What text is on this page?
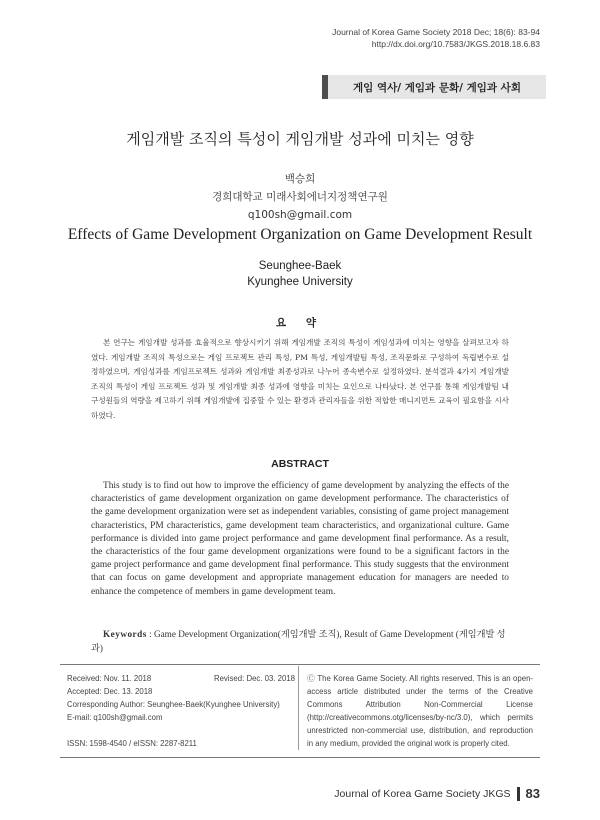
Journal of Korea Game Society 2018 Dec; 18(6): 83-94
http://dx.doi.org/10.7583/JKGS.2018.18.6.83
게임 역사/ 게임과 문화/ 게임과 사회
게임개발 조직의 특성이 게임개발 성과에 미치는 영향
백승희
경희대학교 미래사회에너지정책연구원
q100sh@gmail.com
Effects of Game Development Organization on Game Development Result
Seunghee-Baek
Kyunghee University
요 약
본 연구는 게임개발 성과를 효율적으로 향상시키기 위해 게임개발 조직의 특성이 게임성과에 미치는 영향을 살펴보고자 하였다. 게임개발 조직의 특성으로는 게임 프로젝트 관리 특성, PM 특성, 게임개발팀 특성, 조직문화로 구성하여 독립변수로 설정하였으며, 게임성과를 게임프로젝트 성과와 게임개발 최종성과로 나누어 종속변수로 설정하였다. 분석결과 4가지 게임개발 조직의 특성이 게임 프로젝트 성과 및 게임개발 최종 성과에 영향을 미치는 요인으로 나타났다. 본 연구를 통해 게임개발팀 내 구성원들의 역량을 제고하기 위해 게임개발에 집중할 수 있는 환경과 관리자들을 위한 적합한 매니지먼트 교육이 필요함을 시사하였다.
ABSTRACT
This study is to find out how to improve the efficiency of game development by analyzing the effects of the characteristics of game development organization on game development performance. The characteristics of the game development organization were set as independent variables, consisting of game project management characteristics, PM characteristics, game development team characteristics, and organizational culture. Game performance is divided into game project performance and game development final performance. As a result, the characteristics of the four game development organizations were found to be a significant factors in the game project performance and game development final performance. This study suggests that the environment that can focus on game development and appropriate management education for managers are needed to enhance the competence of members in game development team.
Keywords : Game Development Organization(게임개발 조직), Result of Game Development (게임개발 성과)
Received: Nov. 11. 2018	Revised: Dec. 03. 2018
Accepted: Dec. 13. 2018
Corresponding Author: Seunghee-Baek(Kyunghee University)
E-mail: q100sh@gmail.com
ISSN: 1598-4540 / eISSN: 2287-8211
Ⓒ The Korea Game Society. All rights reserved. This is an open-access article distributed under the terms of the Creative Commons Attribution Non-Commercial License (http://creativecommons.otg/licenses/by-nc/3.0), which permits unrestricted non-commercial use, distribution, and reproduction in any medium, provided the original work is properly cited.
Journal of Korea Game Society JKGS 83
